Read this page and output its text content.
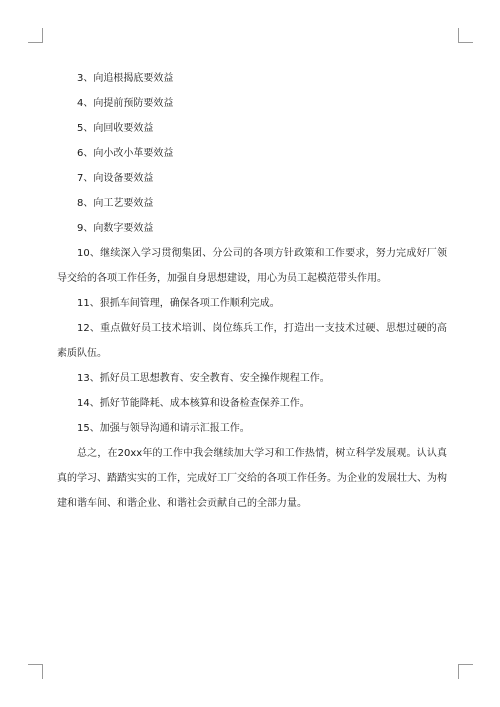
3、向追根揭底要效益

4、向提前预防要效益

5、向回收要效益

6、向小改小革要效益

7、向设备要效益

8、向工艺要效益

9、向数字要效益

10、继续深入学习贯彻集团、分公司的各项方针政策和工作要求，努力完成好厂领导交给的各项工作任务，加强自身思想建设，用心为员工起模范带头作用。

11、狠抓车间管理，确保各项工作顺利完成。

12、重点做好员工技术培训、岗位练兵工作，打造出一支技术过硬、思想过硬的高素质队伍。

13、抓好员工思想教育、安全教育、安全操作规程工作。

14、抓好节能降耗、成本核算和设备检查保养工作。

15、加强与领导沟通和请示汇报工作。

总之，在20xx年的工作中我会继续加大学习和工作热情，树立科学发展观。认认真真的学习、踏踏实实的工作，完成好工厂交给的各项工作任务。为企业的发展壮大、为构建和谐车间、和谐企业、和谐社会贡献自己的全部力量。
